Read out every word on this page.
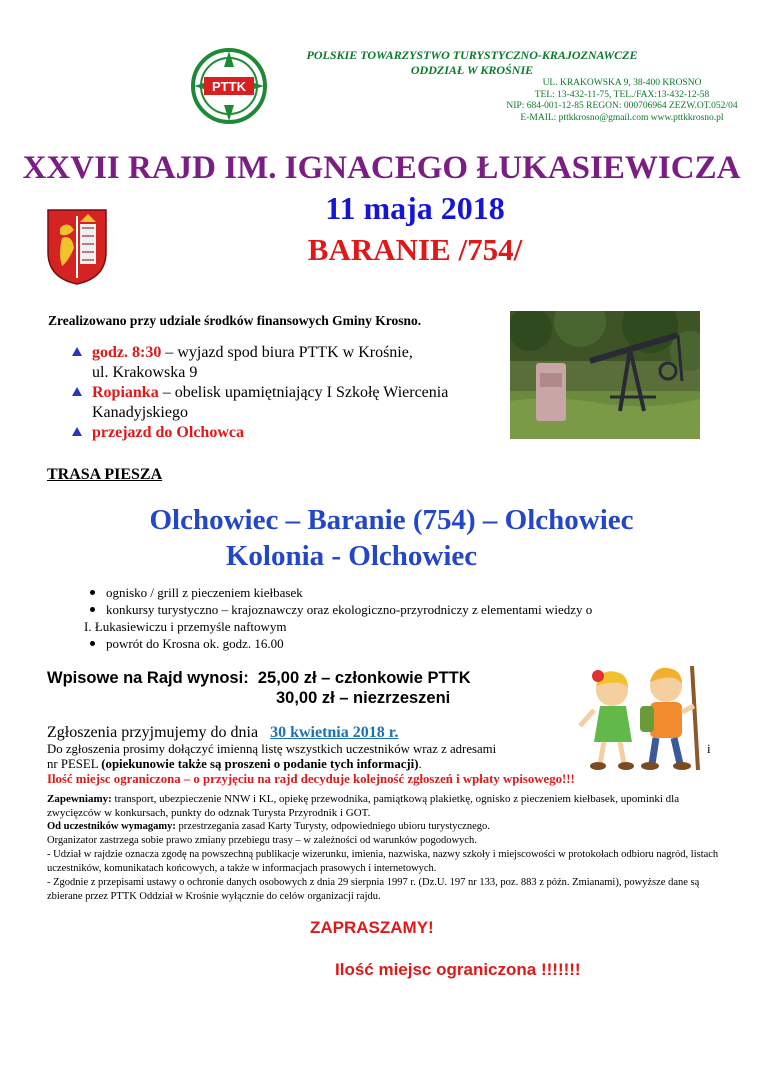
PTTK
POLSKIE TOWARZYSTWO TURYSTYCZNO-KRAJOZNAWCZE
ODDZIAŁ W KROŚNIE
UL. KRAKOWSKA 9, 38-400 KROSNO
TEL: 13-432-11-75, TEL./FAX:13-432-12-58
NIP: 684-001-12-85 REGON: 000706964 ZEZW.OT.052/04
E-MAIL: pttkkrosno@gmail.com www.pttkkrosno.pl
XXVII RAJD IM. IGNACEGO ŁUKASIEWICZA
11 maja 2018
BARANIE /754/
Zrealizowano przy udziale środków finansowych Gminy Krosno.
godz. 8:30 – wyjazd spod biura PTTK w Krośnie,
ul. Krakowska 9
Ropianka – obelisk upamiętniający I Szkołę Wiercenia
Kanadyjskiego
przejazd do Olchowca
TRASA PIESZA
Olchowiec – Baranie (754) – Olchowiec
Kolonia - Olchowiec
ognisko / grill z pieczeniem kiełbasek
konkursy turystyczno – krajoznawczy oraz ekologiczno-przyrodniczy z elementami wiedzy o
I. Łukasiewiczu i przemyśle naftowym
powrót do Krosna ok. godz. 16.00
Wpisowe na Rajd wynosi: 25,00 zł – członkowie PTTK
30,00 zł – niezrzeszeni
Zgłoszenia przyjmujemy do dnia 30 kwietnia 2018 r.
Do zgłoszenia prosimy dołączyć imienną listę wszystkich uczestników wraz z adresami	i
nr PESEL (opiekunowie także są proszeni o podanie tych informacji).
Ilość miejsc ograniczona – o przyjęciu na rajd decyduje kolejność zgłoszeń i wpłaty wpisowego!!!
Zapewniamy: transport, ubezpieczenie NNW i KL, opiekę przewodnika, pamiątkową plakietkę, ognisko z pieczeniem kiełbasek, upominki dla zwycięzców w konkursach, punkty do odznak Turysta Przyrodnik i GOT.
Od uczestników wymagamy: przestrzegania zasad Karty Turysty, odpowiedniego ubioru turystycznego.
Organizator zastrzega sobie prawo zmiany przebiegu trasy – w zależności od warunków pogodowych.
- Udział w rajdzie oznacza zgodę na powszechną publikacje wizerunku, imienia, nazwiska, nazwy szkoły i miejscowości w protokołach odbioru nagród, listach uczestników, komunikatach końcowych, a także w informacjach prasowych i internetowych.
- Zgodnie z przepisami ustawy o ochronie danych osobowych z dnia 29 sierpnia 1997 r. (Dz.U. 197 nr 133, poz. 883 z późn. Zmianami), powyższe dane są zbierane przez PTTK Oddział w Krośnie wyłącznie do celów organizacji rajdu.
ZAPRASZAMY!
Ilość miejsc ograniczona !!!!!!!
